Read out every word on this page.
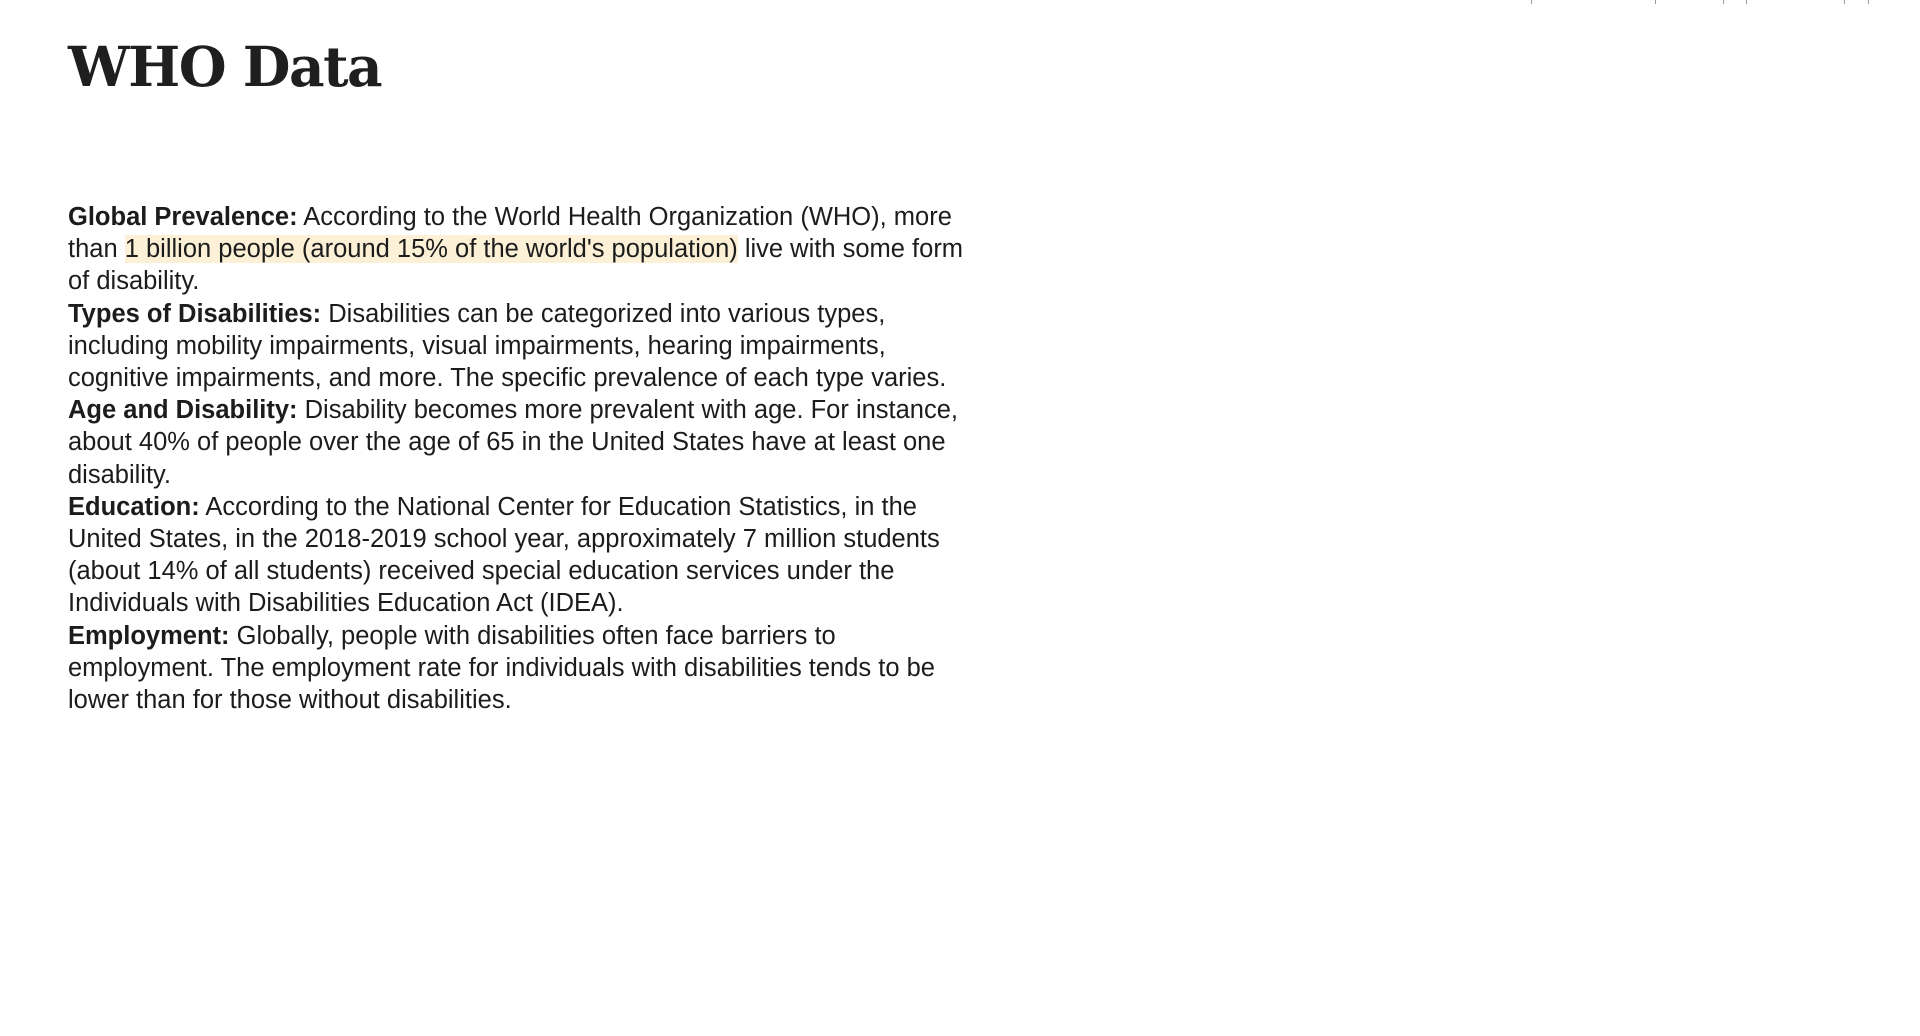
WHO Data
Global Prevalence: According to the World Health Organization (WHO), more than 1 billion people (around 15% of the world's population) live with some form of disability.
Types of Disabilities: Disabilities can be categorized into various types, including mobility impairments, visual impairments, hearing impairments, cognitive impairments, and more. The specific prevalence of each type varies.
Age and Disability: Disability becomes more prevalent with age. For instance, about 40% of people over the age of 65 in the United States have at least one disability.
Education: According to the National Center for Education Statistics, in the United States, in the 2018-2019 school year, approximately 7 million students (about 14% of all students) received special education services under the Individuals with Disabilities Education Act (IDEA).
Employment: Globally, people with disabilities often face barriers to employment. The employment rate for individuals with disabilities tends to be lower than for those without disabilities.
